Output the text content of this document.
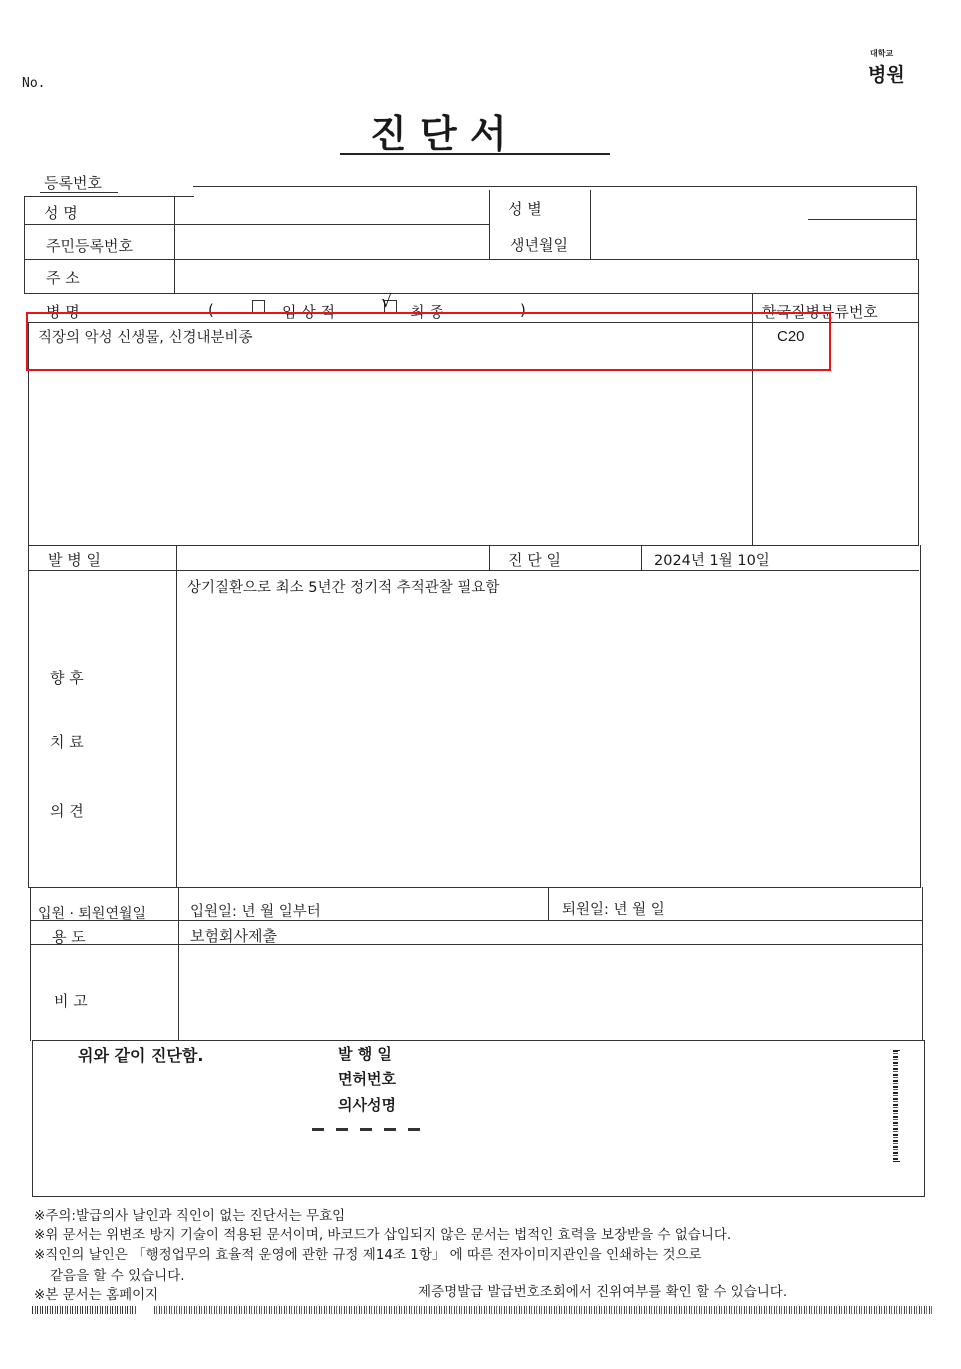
No.
대학교
병원
진 단 서
등록번호
성 명	성 별
주민등록번호	생년월일
주 소
병 명	(	임 상 적	√ 최 종	)	한국질병분류번호
직장의 악성 신생물, 신경내분비종	C20
발 병 일	진 단 일	2024년 1월 10일
상기질환으로 최소 5년간 정기적 추적관찰 필요함
향 후
치 료
의 견
입원 · 퇴원연월일	입원일: 년 월 일부터	퇴원일: 년 월 일
용 도	보험회사제출
비 고
위와 같이 진단함.	발 행 일
면허번호
의사성명
※주의:발급의사 날인과 직인이 없는 진단서는 무효임
※위 문서는 위변조 방지 기술이 적용된 문서이며, 바코드가 삽입되지 않은 문서는 법적인 효력을 보장받을 수 없습니다.
※직인의 날인은 「행정업무의 효율적 운영에 관한 규정 제14조 1항」 에 따른 전자이미지관인을 인쇄하는 것으로
같음을 할 수 있습니다.
※본 문서는 홈페이지	제증명발급 발급번호조회에서 진위여부를 확인 할 수 있습니다.
